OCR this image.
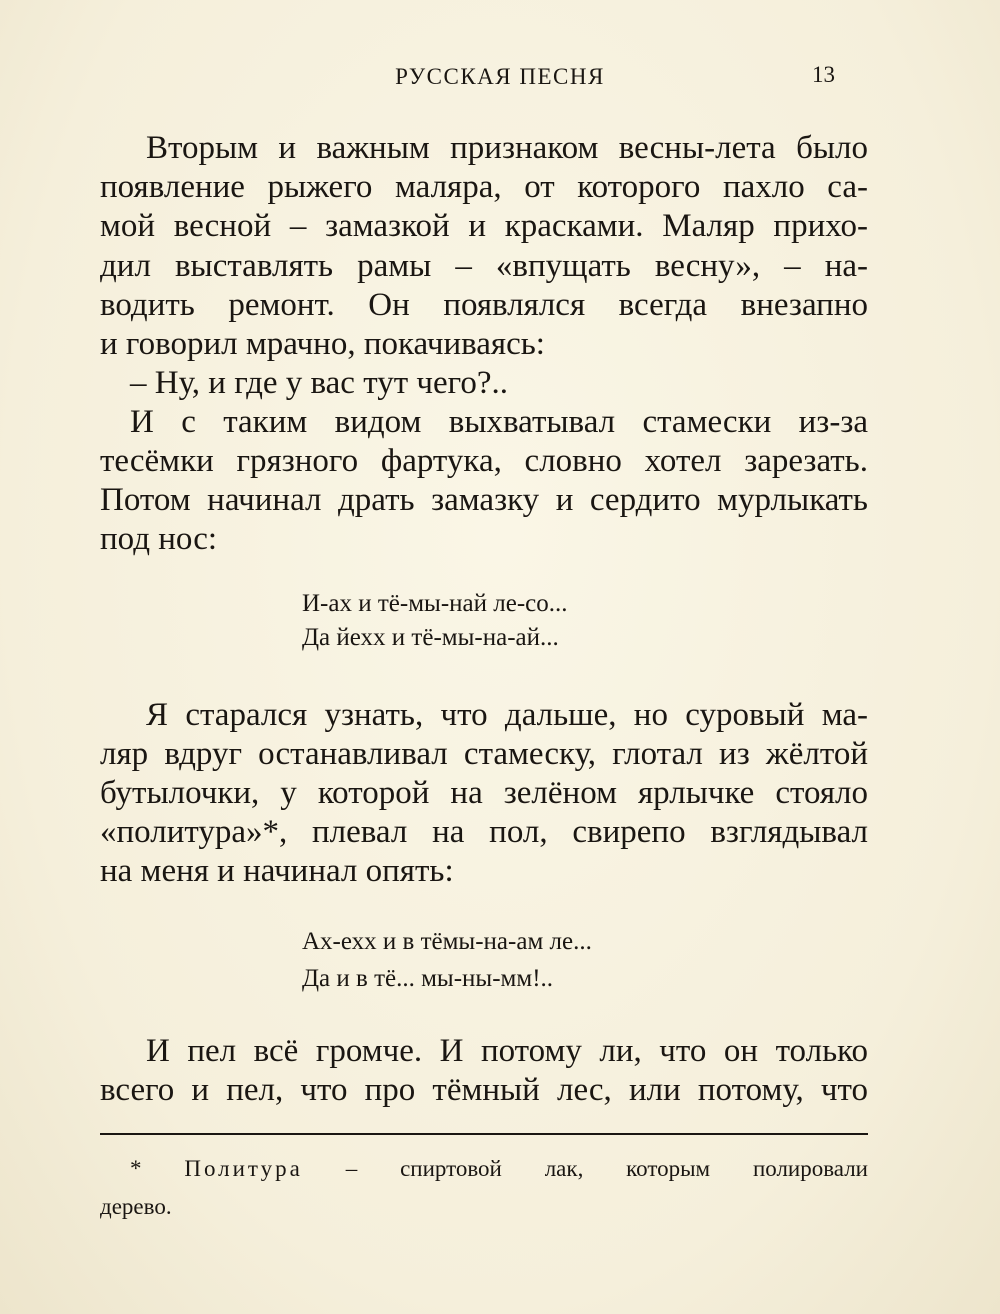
РУССКАЯ ПЕСНЯ	13
Вторым и важным признаком весны-лета было
появление рыжего маляра, от которого пахло са-
мой весной – замазкой и красками. Маляр прихо-
дил выставлять рамы – «впущать весну», – на-
водить ремонт. Он появлялся всегда внезапно
и говорил мрачно, покачиваясь:
– Ну, и где у вас тут чего?..
И с таким видом выхватывал стамески из-за
тесёмки грязного фартука, словно хотел зарезать.
Потом начинал драть замазку и сердито мурлыкать
под нос:
И-ах и тё-мы-най ле-со...
Да йехх и тё-мы-на-ай...
Я старался узнать, что дальше, но суровый ма-
ляр вдруг останавливал стамеску, глотал из жёлтой
бутылочки, у которой на зелёном ярлычке стояло
«политура»*, плевал на пол, свирепо взглядывал
на меня и начинал опять:
Ах-ехх и в тёмы-на-ам ле...
Да и в тё... мы-ны-мм!..
И пел всё громче. И потому ли, что он только
всего и пел, что про тёмный лес, или потому, что
* Политура – спиртовой лак, которым полировали
дерево.
